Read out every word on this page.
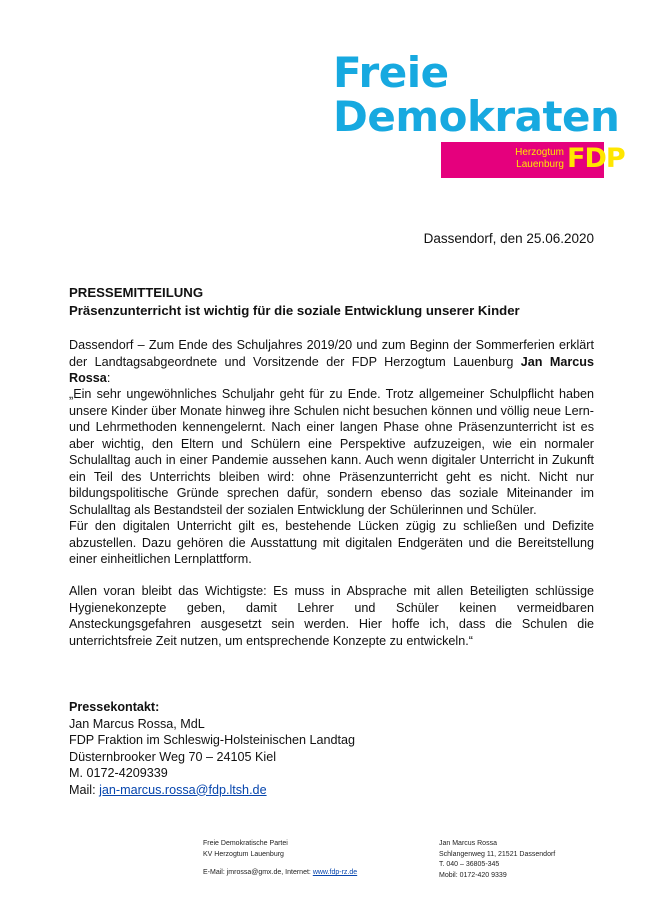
Freie
Demokraten
Herzogtum
Lauenburg FDP
Dassendorf, den 25.06.2020
PRESSEMITTEILUNG
Präsenzunterricht ist wichtig für die soziale Entwicklung unserer Kinder

Dassendorf – Zum Ende des Schuljahres 2019/20 und zum Beginn der Sommerferien erklärt der Landtagsabgeordnete und Vorsitzende der FDP Herzogtum Lauenburg Jan Marcus Rossa:

„Ein sehr ungewöhnliches Schuljahr geht für zu Ende. Trotz allgemeiner Schulpflicht haben unsere Kinder über Monate hinweg ihre Schulen nicht besuchen können und völlig neue Lern- und Lehrmethoden kennengelernt. Nach einer langen Phase ohne Präsenzunterricht ist es aber wichtig, den Eltern und Schülern eine Perspektive aufzuzeigen, wie ein normaler Schulalltag auch in einer Pandemie aussehen kann. Auch wenn digitaler Unterricht in Zukunft ein Teil des Unterrichts bleiben wird: ohne Präsenzunterricht geht es nicht. Nicht nur bildungspolitische Gründe sprechen dafür, sondern ebenso das soziale Miteinander im Schulalltag als Bestandsteil der sozialen Entwicklung der Schülerinnen und Schüler.

Für den digitalen Unterricht gilt es, bestehende Lücken zügig zu schließen und Defizite abzustellen. Dazu gehören die Ausstattung mit digitalen Endgeräten und die Bereitstellung einer einheitlichen Lernplattform.

Allen voran bleibt das Wichtigste: Es muss in Absprache mit allen Beteiligten schlüssige Hygienekonzepte geben, damit Lehrer und Schüler keinen vermeidbaren Ansteckungsgefahren ausgesetzt sein werden. Hier hoffe ich, dass die Schulen die unterrichtsfreie Zeit nutzen, um entsprechende Konzepte zu entwickeln.“

Pressekontakt:
Jan Marcus Rossa, MdL
FDP Fraktion im Schleswig-Holsteinischen Landtag
Düsternbrooker Weg 70 – 24105 Kiel
M. 0172-4209339
Mail: jan-marcus.rossa@fdp.ltsh.de
Freie Demokratische Partei
KV Herzogtum Lauenburg
E-Mail: jmrossa@gmx.de, Internet: www.fdp-rz.de
Jan Marcus Rossa
Schlangenweg 11, 21521 Dassendorf
T. 040 – 36805-345
Mobil: 0172-420 9339
